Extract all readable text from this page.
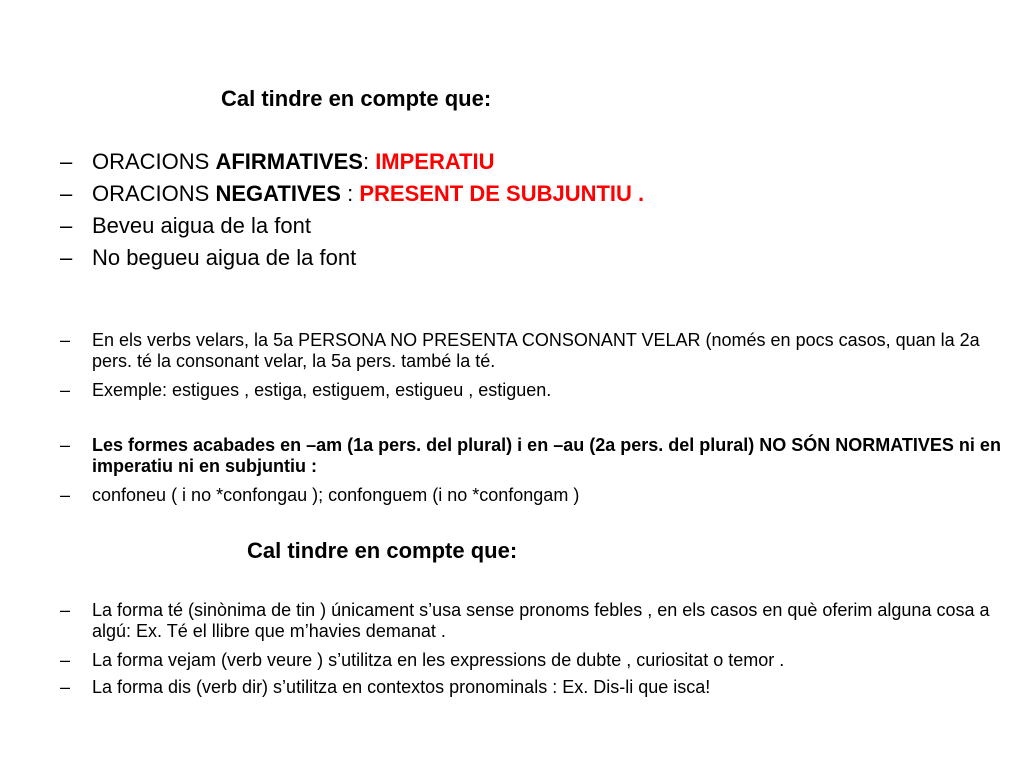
Cal tindre en compte que:
– ORACIONS AFIRMATIVES: IMPERATIU
– ORACIONS NEGATIVES : PRESENT DE SUBJUNTIU .
– Beveu aigua de la font
– No begueu aigua de la font
–	En els verbs velars, la 5a PERSONA NO PRESENTA CONSONANT VELAR (només en pocs casos, quan la 2a pers. té la consonant velar, la 5a pers. també la té.
–	Exemple: estigues , estiga, estiguem, estigueu , estiguen.
–	Les formes acabades en –am (1a pers. del plural) i en –au (2a pers. del plural) NO SÓN NORMATIVES ni en imperatiu ni en subjuntiu :
–	confoneu ( i no *confongau ); confonguem (i no *confongam )
Cal tindre en compte que:
–	La forma té (sinònima de tin ) únicament s’usa sense pronoms febles , en els casos en què oferim alguna cosa a algú: Ex. Té el llibre que m’havies demanat .
–	La forma vejam (verb veure ) s’utilitza en les expressions de dubte , curiositat o temor .
–	La forma dis (verb dir) s’utilitza en contextos pronominals : Ex. Dis-li que isca!
